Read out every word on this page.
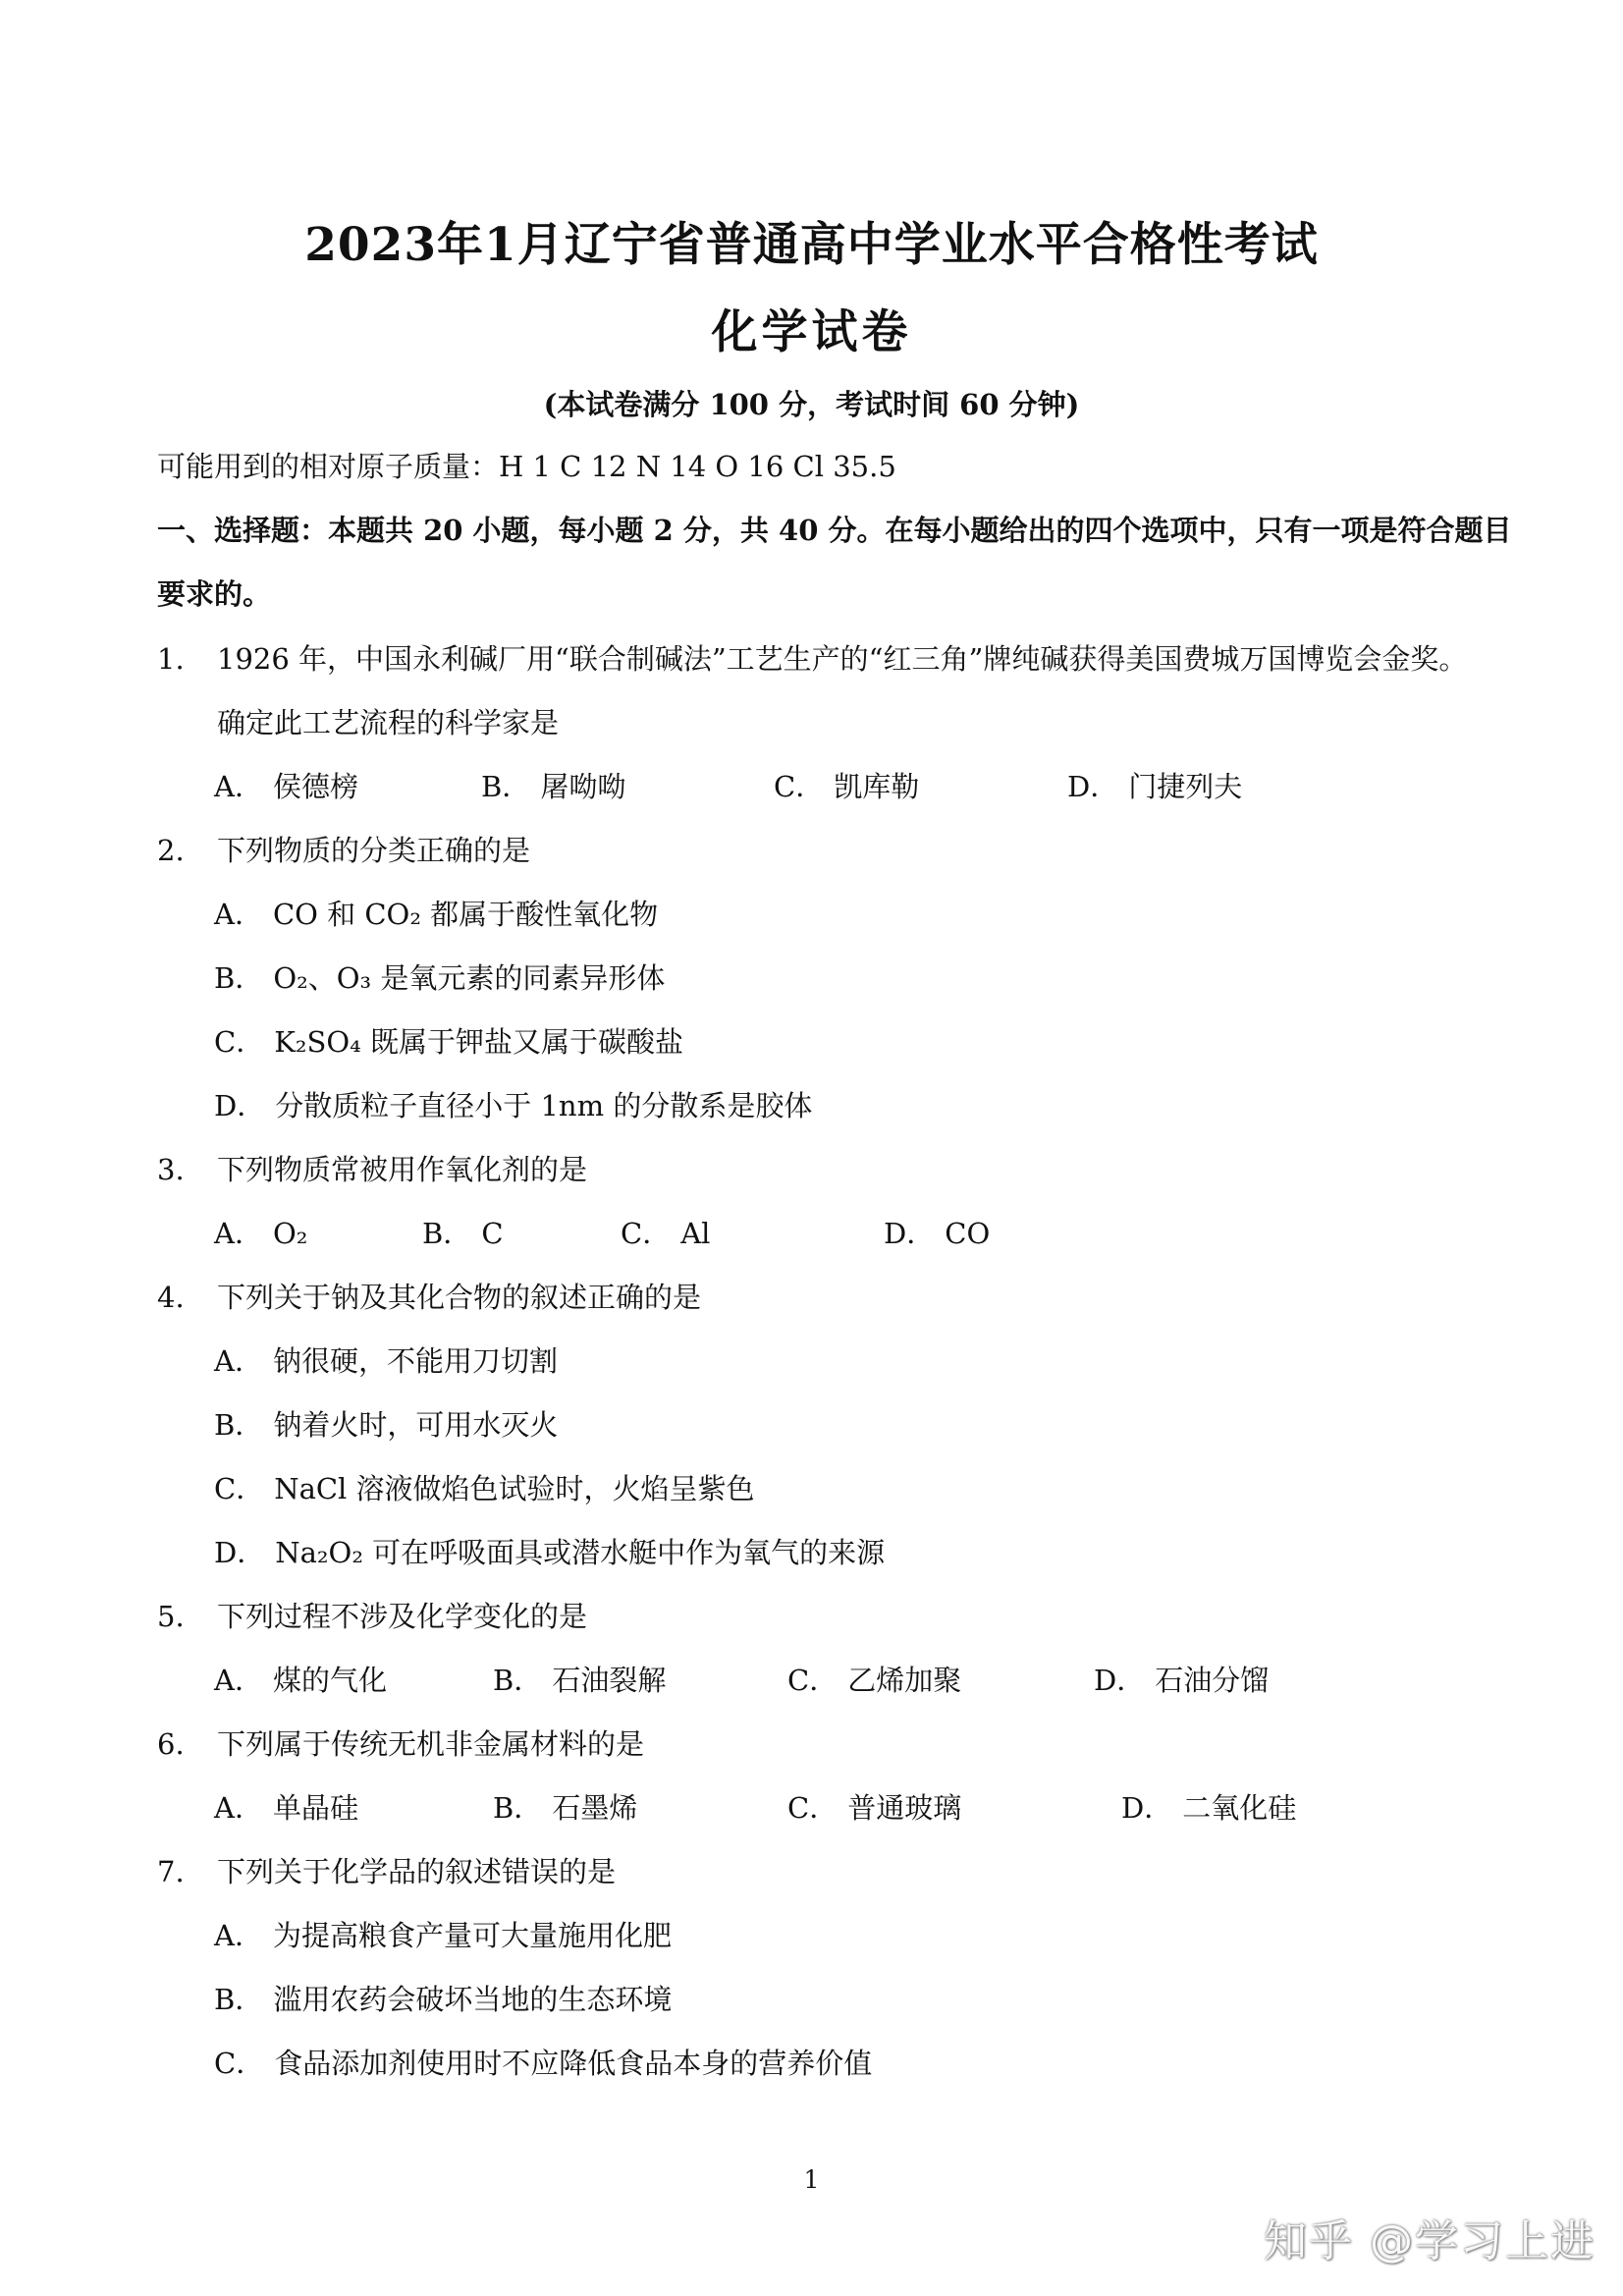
2023年1月辽宁省普通高中学业水平合格性考试
化学试卷
(本试卷满分 100 分，考试时间 60 分钟)
可能用到的相对原子质量：H 1 C 12 N 14 O 16 Cl 35.5
一、选择题：本题共 20 小题，每小题 2 分，共 40 分。在每小题给出的四个选项中，只有一项是符合题目
要求的。
1. 1926 年，中国永利碱厂用“联合制碱法”工艺生产的“红三角”牌纯碱获得美国费城万国博览会金奖。
确定此工艺流程的科学家是
A． 侯德榜	B． 屠呦呦	C． 凯库勒	D． 门捷列夫
2. 下列物质的分类正确的是
A． CO 和 CO₂ 都属于酸性氧化物
B． O₂、O₃ 是氧元素的同素异形体
C． K₂SO₄ 既属于钾盐又属于碳酸盐
D． 分散质粒子直径小于 1nm 的分散系是胶体
3. 下列物质常被用作氧化剂的是
A． O₂	B． C	C． Al	D． CO
4. 下列关于钠及其化合物的叙述正确的是
A． 钠很硬，不能用刀切割
B． 钠着火时，可用水灭火
C． NaCl 溶液做焰色试验时，火焰呈紫色
D． Na₂O₂ 可在呼吸面具或潜水艇中作为氧气的来源
5. 下列过程不涉及化学变化的是
A． 煤的气化	B． 石油裂解	C． 乙烯加聚	D． 石油分馏
6. 下列属于传统无机非金属材料的是
A． 单晶硅	B． 石墨烯	C． 普通玻璃	D． 二氧化硅
7. 下列关于化学品的叙述错误的是
A． 为提高粮食产量可大量施用化肥
B． 滥用农药会破坏当地的生态环境
C． 食品添加剂使用时不应降低食品本身的营养价值
1
知乎 @学习上进
